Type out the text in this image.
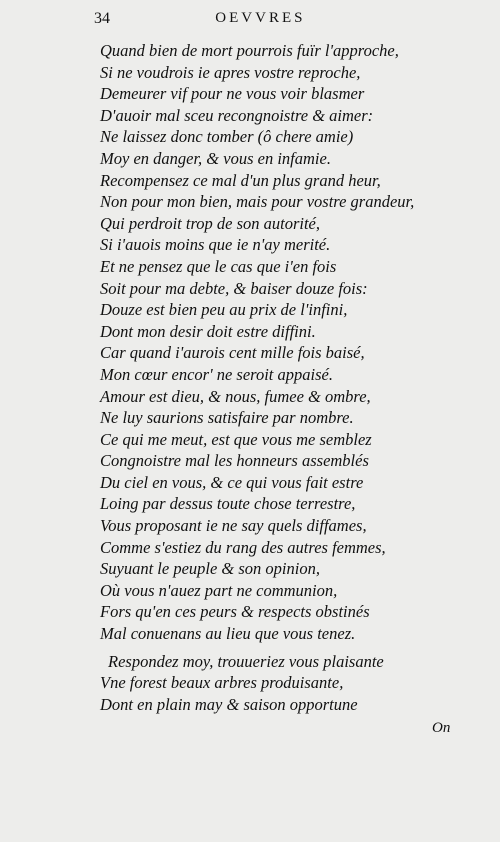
34	OEVVRES
Quand bien de mort pourrois fuïr l'approche,
Si ne voudrois ie apres vostre reproche,
Demeurer vif pour ne vous voir blasmer
D'auoir mal sceu recongnoistre & aimer:
Ne laissez donc tomber (ô chere amie)
Moy en danger, & vous en infamie.
Recompensez ce mal d'un plus grand heur,
Non pour mon bien, mais pour vostre grandeur,
Qui perdroit trop de son autorité,
Si i'auois moins que ie n'ay merité.
Et ne pensez que le cas que i'en fois
Soit pour ma debte, & baiser douze fois:
Douze est bien peu au prix de l'infini,
Dont mon desir doit estre diffini.
Car quand i'aurois cent mille fois baisé,
Mon cœur encor' ne seroit appaisé.
Amour est dieu, & nous, fumee & ombre,
Ne luy saurions satisfaire par nombre.
Ce qui me meut, est que vous me semblez
Congnoistre mal les honneurs assemblés
Du ciel en vous, & ce qui vous fait estre
Loing par dessus toute chose terrestre,
Vous proposant ie ne say quels diffames,
Comme s'estiez du rang des autres femmes,
Suyuant le peuple & son opinion,
Où vous n'auez part ne communion,
Fors qu'en ces peurs & respects obstinés
Mal conuenans au lieu que vous tenez.
Respondez moy, trouueriez vous plaisante
Vne forest beaux arbres produisante,
Dont en plain may & saison opportune
On
